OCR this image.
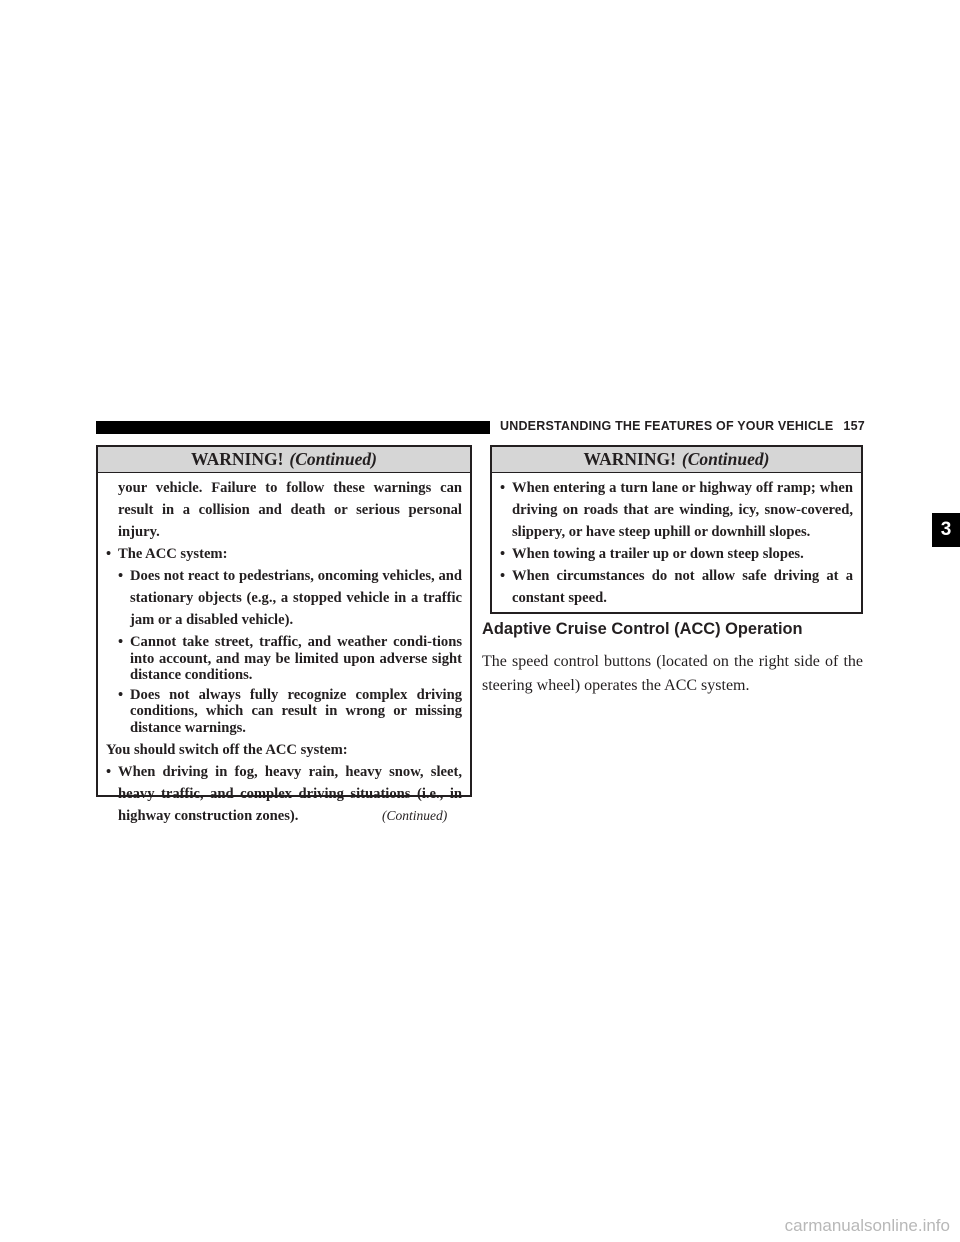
UNDERSTANDING THE FEATURES OF YOUR VEHICLE 157
3
WARNING! (Continued)
your vehicle. Failure to follow these warnings can result in a collision and death or serious personal injury.
• The ACC system:
• Does not react to pedestrians, oncoming vehicles, and stationary objects (e.g., a stopped vehicle in a traffic jam or a disabled vehicle).
• Cannot take street, traffic, and weather condi-tions into account, and may be limited upon adverse sight distance conditions.
• Does not always fully recognize complex driving conditions, which can result in wrong or missing distance warnings.
You should switch off the ACC system:
• When driving in fog, heavy rain, heavy snow, sleet, heavy traffic, and complex driving situations (i.e., in highway construction zones).	(Continued)
WARNING! (Continued)
• When entering a turn lane or highway off ramp; when driving on roads that are winding, icy, snow-covered, slippery, or have steep uphill or downhill slopes.
• When towing a trailer up or down steep slopes.
• When circumstances do not allow safe driving at a constant speed.
Adaptive Cruise Control (ACC) Operation
The speed control buttons (located on the right side of the steering wheel) operates the ACC system.
carmanualsonline.info
